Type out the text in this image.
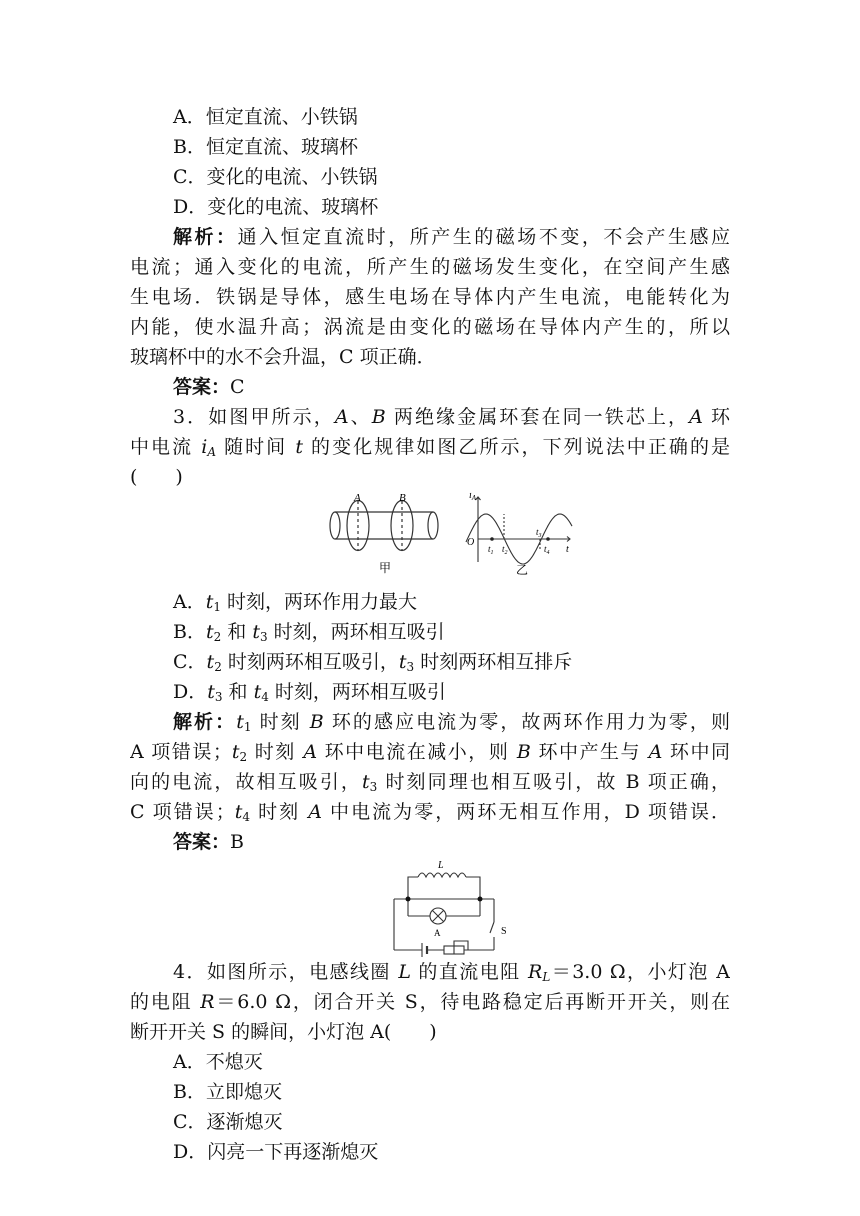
A．恒定直流、小铁锅
B．恒定直流、玻璃杯
C．变化的电流、小铁锅
D．变化的电流、玻璃杯
解析：通入恒定直流时，所产生的磁场不变，不会产生感应
电流；通入变化的电流，所产生的磁场发生变化，在空间产生感
生电场．铁锅是导体，感生电场在导体内产生电流，电能转化为
内能，使水温升高；涡流是由变化的磁场在导体内产生的，所以
玻璃杯中的水不会升温，C 项正确．
答案：C
3．如图甲所示，A、B 两绝缘金属环套在同一铁芯上，A 环
中电流 $i_A$ 随时间 t 的变化规律如图乙所示，下列说法中正确的是
(　　)
A	B
甲
$i_A$
O
t
$t_1$ $t_2$
$t_3$
$t_4$
乙
A．$t_1$ 时刻，两环作用力最大
B．$t_2$ 和 $t_3$ 时刻，两环相互吸引
C．$t_2$ 时刻两环相互吸引，$t_3$ 时刻两环相互排斥
D．$t_3$ 和 $t_4$ 时刻，两环相互吸引
解析：$t_1$ 时刻 B 环的感应电流为零，故两环作用力为零，则
A 项错误；$t_2$ 时刻 A 环中电流在减小，则 B 环中产生与 A 环中同
向的电流，故相互吸引，$t_3$ 时刻同理也相互吸引，故 B 项正确，
C 项错误；$t_4$ 时刻 A 中电流为零，两环无相互作用，D 项错误．
答案：B
L
A	S
4．如图所示，电感线圈 L 的直流电阻 $R_L=3.0$ Ω，小灯泡 A
的电阻 R＝6.0 Ω，闭合开关 S，待电路稳定后再断开开关，则在
断开开关 S 的瞬间，小灯泡 A(　　)
A．不熄灭
B．立即熄灭
C．逐渐熄灭
D．闪亮一下再逐渐熄灭
